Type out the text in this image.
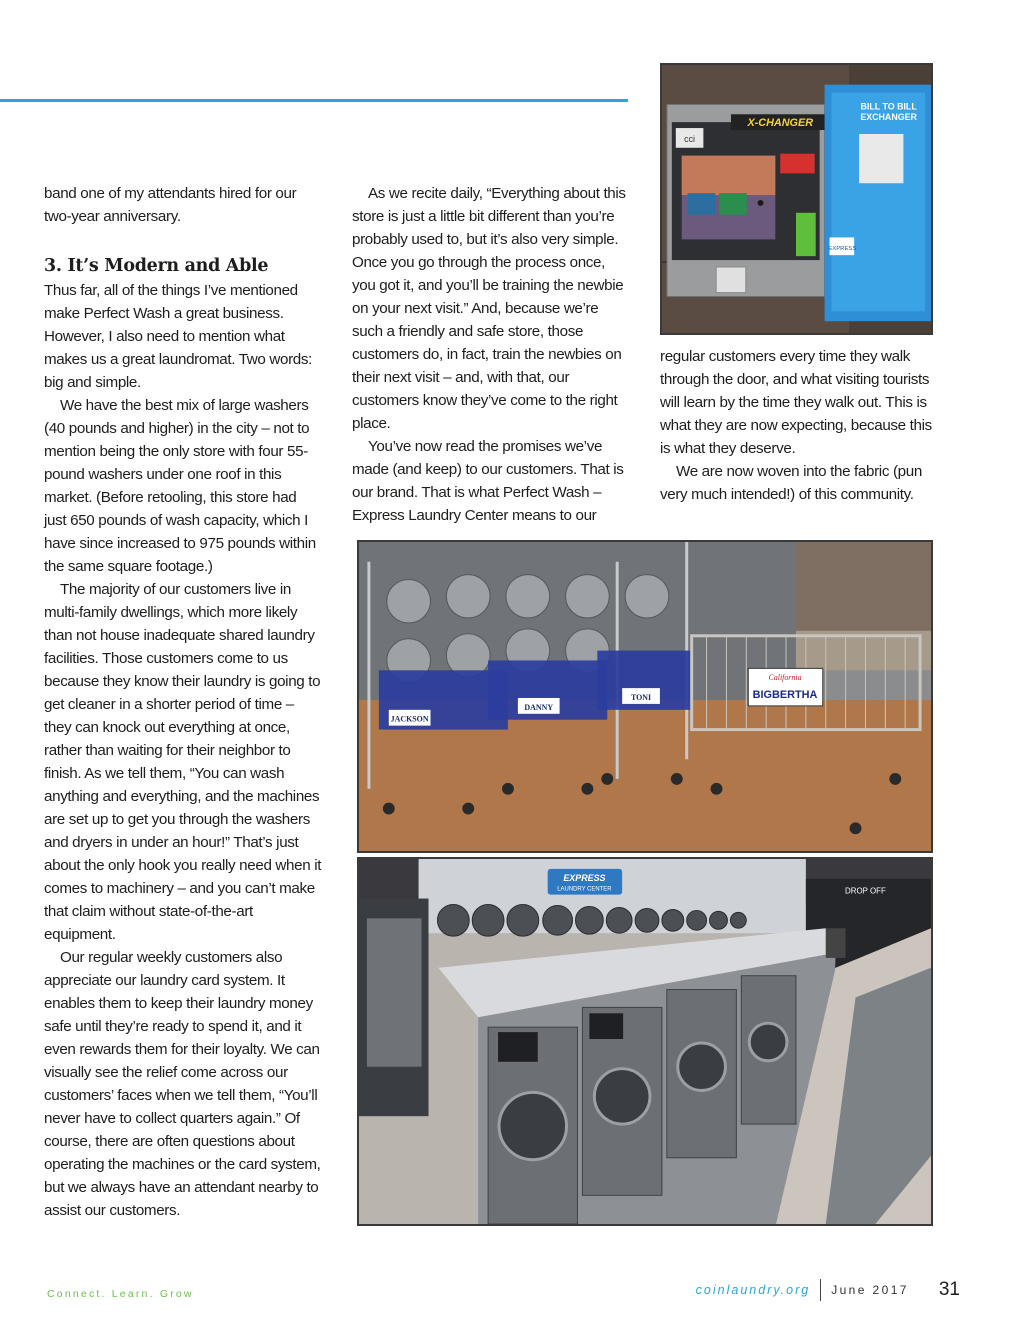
band one of my attendants hired for our two-year anniversary.

3. It’s Modern and Able

Thus far, all of the things I’ve mentioned make Perfect Wash a great business. However, I also need to mention what makes us a great laundromat. Two words: big and simple.

We have the best mix of large washers (40 pounds and higher) in the city – not to mention being the only store with four 55-pound washers under one roof in this market. (Before retooling, this store had just 650 pounds of wash capacity, which I have since increased to 975 pounds within the same square footage.)

The majority of our customers live in multi-family dwellings, which more likely than not house inadequate shared laundry facilities. Those customers come to us because they know their laundry is going to get cleaner in a shorter period of time – they can knock out everything at once, rather than waiting for their neighbor to finish. As we tell them, “You can wash anything and everything, and the machines are set up to get you through the washers and dryers in under an hour!” That’s just about the only hook you really need when it comes to machinery – and you can’t make that claim without state-of-the-art equipment.

Our regular weekly customers also appreciate our laundry card system. It enables them to keep their laundry money safe until they’re ready to spend it, and it even rewards them for their loyalty. We can visually see the relief come across our customers’ faces when we tell them, “You’ll never have to collect quarters again.” Of course, there are often questions about operating the machines or the card system, but we always have an attendant nearby to assist our customers.

As we recite daily, “Everything about this store is just a little bit different than you’re probably used to, but it’s also very simple. Once you go through the process once, you got it, and you’ll be training the newbie on your next visit.” And, because we’re such a friendly and safe store, those customers do, in fact, train the newbies on their next visit – and, with that, our customers know they’ve come to the right place.

You’ve now read the promises we’ve made (and keep) to our customers. That is our brand. That is what Perfect Wash – Express Laundry Center means to our

regular customers every time they walk through the door, and what visiting tourists will learn by the time they walk out. This is what they are now expecting, because this is what they deserve.

We are now woven into the fabric (pun very much intended!) of this community.

X-CHANGER
cci
BILL TO BILL
EXCHANGER
EXPRESS
JACKSON
DANNY
TONI
California
BIGBERTHA
DROP OFF
EXPRESS
LAUNDRY CENTER
Connect. Learn. Grow	coinlaundry.org June 2017 31
